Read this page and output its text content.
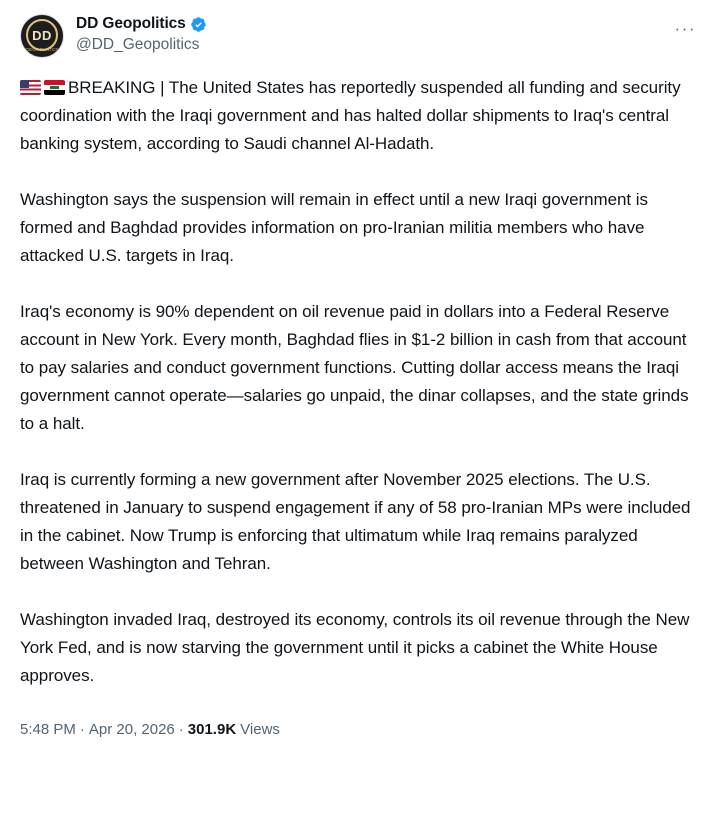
DD
GEOPOLITICS
DD Geopolitics
@DD_Geopolitics
···

BREAKING | The United States has reportedly suspended all funding and security coordination with the Iraqi government and has halted dollar shipments to Iraq's central banking system, according to Saudi channel Al-Hadath.

Washington says the suspension will remain in effect until a new Iraqi government is formed and Baghdad provides information on pro-Iranian militia members who have attacked U.S. targets in Iraq.

Iraq's economy is 90% dependent on oil revenue paid in dollars into a Federal Reserve account in New York. Every month, Baghdad flies in $1-2 billion in cash from that account to pay salaries and conduct government functions. Cutting dollar access means the Iraqi government cannot operate—salaries go unpaid, the dinar collapses, and the state grinds to a halt.

Iraq is currently forming a new government after November 2025 elections. The U.S. threatened in January to suspend engagement if any of 58 pro-Iranian MPs were included in the cabinet. Now Trump is enforcing that ultimatum while Iraq remains paralyzed between Washington and Tehran.

Washington invaded Iraq, destroyed its economy, controls its oil revenue through the New York Fed, and is now starving the government until it picks a cabinet the White House approves.

5:48 PM · Apr 20, 2026 · 301.9K Views
